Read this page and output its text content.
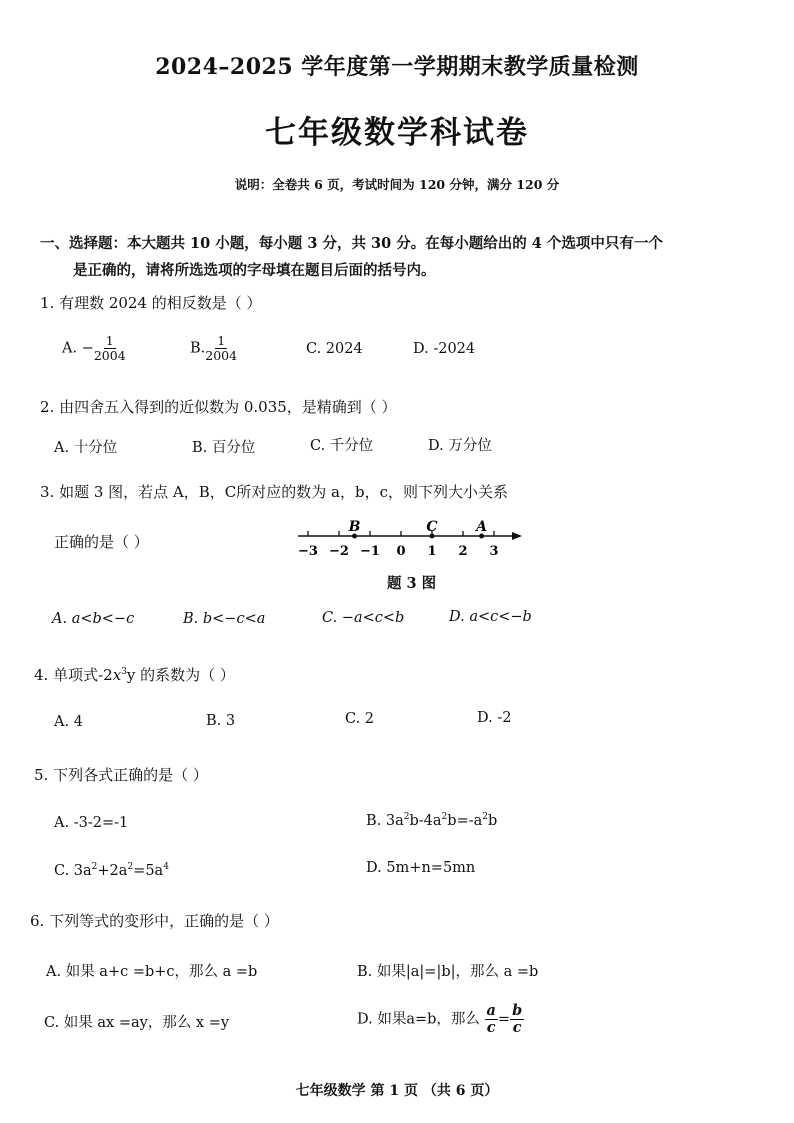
2024–2025 学年度第一学期期末教学质量检测
七年级数学科试卷
说明：全卷共 6 页，考试时间为 120 分钟，满分 120 分
一、选择题：本大题共 10 小题，每小题 3 分，共 30 分。在每小题给出的 4 个选项中只有一个
是正确的，请将所选选项的字母填在题目后面的括号内。
1. 有理数 2024 的相反数是（ ）
A. − $\frac{1}{2004}$	B. $\frac{1}{2004}$	C. 2024	D. -2024
2. 由四舍五入得到的近似数为 0.035，是精确到（ ）
A. 十分位	B. 百分位	C. 千分位	D. 万分位
3. 如题 3 图，若点 A，B，C所对应的数为 a，b，c，则下列大小关系
正确的是（ ）
−3 −2 −1 0 1 2 3
B	C	A
题 3 图
A. a<b<−c	B. b<−c<a	C. −a<c<b	D. a<c<−b
4. 单项式$-2x^3y$ 的系数为（ ）
A. 4	B. 3	C. 2	D. -2
5. 下列各式正确的是（ ）
A. -3-2=-1	B. $3a^2b-4a^2b=-a^2b$
C. $3a^2+2a^2=5a^4$	D. 5m+n=5mn
6. 下列等式的变形中，正确的是（ ）
A. 如果 a+c =b+c，那么 a =b	B. 如果|a|=|b|，那么 a =b
C. 如果 ax =ay，那么 x =y	D. 如果a=b，那么 $\frac{a}{c} = \frac{b}{c}$
七年级数学 第 1 页 （共 6 页）
